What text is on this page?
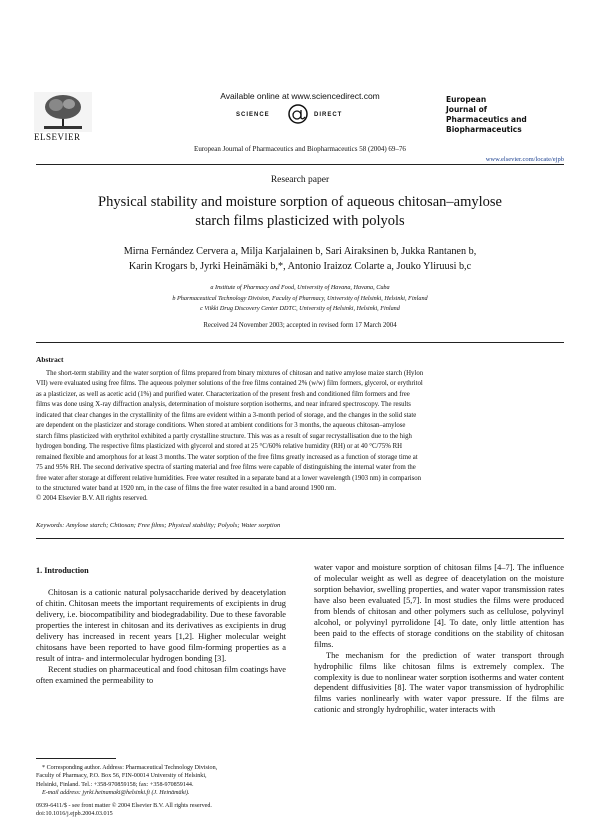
Available online at www.sciencedirect.com
SCIENCE	DIRECT
ELSEVIER
European Journal of Pharmaceutics and Biopharmaceutics 58 (2004) 69–76
European
Journal of
Pharmaceutics and
Biopharmaceutics
www.elsevier.com/locate/ejpb
Research paper
Physical stability and moisture sorption of aqueous chitosan–amylose
starch films plasticized with polyols
Mirna Fernández Cervera a, Milja Karjalainen b, Sari Airaksinen b, Jukka Rantanen b,
Karin Krogars b, Jyrki Heinämäki b,*, Antonio Iraizoz Colarte a, Jouko Yliruusi b,c
a Institute of Pharmacy and Food, University of Havana, Havana, Cuba
b Pharmaceutical Technology Division, Faculty of Pharmacy, University of Helsinki, Helsinki, Finland
c Viikki Drug Discovery Center DDTC, University of Helsinki, Helsinki, Finland
Received 24 November 2003; accepted in revised form 17 March 2004
Abstract
The short-term stability and the water sorption of films prepared from binary mixtures of chitosan and native amylose maize starch (Hylon
VII) were evaluated using free films. The aqueous polymer solutions of the free films contained 2% (w/w) film formers, glycerol, or erythritol
as a plasticizer, as well as acetic acid (1%) and purified water. Characterization of the present fresh and conditioned film formers and free
films was done using X-ray diffraction analysis, determination of moisture sorption isotherms, and near infrared spectroscopy. The results
indicated that clear changes in the crystallinity of the films are evident within a 3-month period of storage, and the changes in the solid state
are dependent on the plasticizer and storage conditions. When stored at ambient conditions for 3 months, the aqueous chitosan–amylose
starch films plasticized with erythritol exhibited a partly crystalline structure. This was as a result of sugar recrystallisation due to the high
hydrogen bonding. The respective films plasticized with glycerol and stored at 25 °C/60% relative humidity (RH) or at 40 °C/75% RH
remained flexible and amorphous for at least 3 months. The water sorption of the free films greatly increased as a function of storage time at
75 and 95% RH. The second derivative spectra of starting material and free films were capable of distinguishing the internal water from the
free water after storage at different relative humidities. Free water resulted in a separate band at a lower wavelength (1903 nm) in comparison
to the structured water band at 1920 nm, in the case of films the free water resulted in a band around 1900 nm.
© 2004 Elsevier B.V. All rights reserved.
Keywords: Amylose starch; Chitosan; Free films; Physical stability; Polyols; Water sorption
1. Introduction

Chitosan is a cationic natural polysaccharide derived by deacetylation of chitin. Chitosan meets the important requirements of excipients in drug delivery, i.e. biocompatibility and biodegradability. Due to these favorable properties the interest in chitosan and its derivatives as excipients in drug delivery has increased in recent years [1,2]. Higher molecular weight chitosans have been reported to have good film-forming properties as a result of intra- and intermolecular hydrogen bonding [3].

Recent studies on pharmaceutical and food chitosan film coatings have often examined the permeability to

water vapor and moisture sorption of chitosan films [4–7]. The influence of molecular weight as well as degree of deacetylation on the moisture sorption behavior, swelling properties, and water vapor transmission rates have also been evaluated [5,7]. In most studies the films were produced from blends of chitosan and other polymers such as cellulose, polyvinyl alcohol, or polyvinyl pyrrolidone [4]. To date, only little attention has been paid to the effects of storage conditions on the stability of chitosan films.

The mechanism for the prediction of water transport through hydrophilic films like chitosan films is extremely complex. The complexity is due to nonlinear water sorption isotherms and water content dependent diffusivities [8]. The water vapor transmission of hydrophilic films varies nonlinearly with water vapor pressure. If the films are cationic and strongly hydrophilic, water interacts with

* Corresponding author. Address: Pharmaceutical Technology Division,
Faculty of Pharmacy, P.O. Box 56, FIN-00014 University of Helsinki,
Helsinki, Finland. Tel.: +358-970859158; fax: +358-970859144.
E-mail address: jyrki.heinamaki@helsinki.fi (J. Heinämäki).
0939-6411/$ - see front matter © 2004 Elsevier B.V. All rights reserved.
doi:10.1016/j.ejpb.2004.03.015
